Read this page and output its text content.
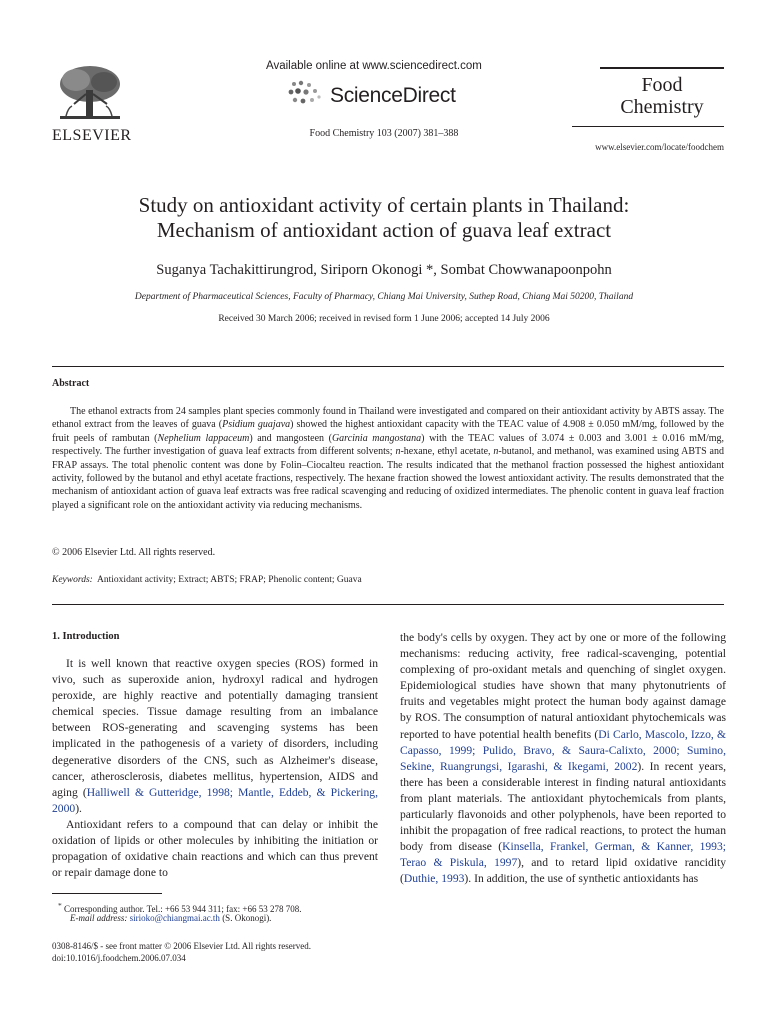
ELSEVIER
Available online at www.sciencedirect.com
ScienceDirect
Food Chemistry 103 (2007) 381–388
Food
Chemistry
www.elsevier.com/locate/foodchem
Study on antioxidant activity of certain plants in Thailand:
Mechanism of antioxidant action of guava leaf extract
Suganya Tachakittirungrod, Siriporn Okonogi *, Sombat Chowwanapoonpohn
Department of Pharmaceutical Sciences, Faculty of Pharmacy, Chiang Mai University, Suthep Road, Chiang Mai 50200, Thailand
Received 30 March 2006; received in revised form 1 June 2006; accepted 14 July 2006
Abstract
The ethanol extracts from 24 samples plant species commonly found in Thailand were investigated and compared on their antioxidant activity by ABTS assay. The ethanol extract from the leaves of guava (Psidium guajava) showed the highest antioxidant capacity with the TEAC value of 4.908 ± 0.050 mM/mg, followed by the fruit peels of rambutan (Nephelium lappaceum) and mangosteen (Garcinia mangostana) with the TEAC values of 3.074 ± 0.003 and 3.001 ± 0.016 mM/mg, respectively. The further investigation of guava leaf extracts from different solvents; n-hexane, ethyl acetate, n-butanol, and methanol, was examined using ABTS and FRAP assays. The total phenolic content was done by Folin–Ciocalteu reaction. The results indicated that the methanol fraction possessed the highest antioxidant activity, followed by the butanol and ethyl acetate fractions, respectively. The hexane fraction showed the lowest antioxidant activity. The results demonstrated that the mechanism of antioxidant action of guava leaf extracts was free radical scavenging and reducing of oxidized intermediates. The phenolic content in guava leaf fraction played a significant role on the antioxidant activity via reducing mechanisms.
© 2006 Elsevier Ltd. All rights reserved.
Keywords:  Antioxidant activity; Extract; ABTS; FRAP; Phenolic content; Guava
1. Introduction

It is well known that reactive oxygen species (ROS) formed in vivo, such as superoxide anion, hydroxyl radical and hydrogen peroxide, are highly reactive and potentially damaging transient chemical species. Tissue damage resulting from an imbalance between ROS-generating and scavenging systems has been implicated in the pathogenesis of a variety of disorders, including degenerative disorders of the CNS, such as Alzheimer's disease, cancer, atherosclerosis, diabetes mellitus, hypertension, AIDS and aging (Halliwell & Gutteridge, 1998; Mantle, Eddeb, & Pickering, 2000).

Antioxidant refers to a compound that can delay or inhibit the oxidation of lipids or other molecules by inhibiting the initiation or propagation of oxidative chain reactions and which can thus prevent or repair damage done to

the body's cells by oxygen. They act by one or more of the following mechanisms: reducing activity, free radical-scavenging, potential complexing of pro-oxidant metals and quenching of singlet oxygen. Epidemiological studies have shown that many phytonutrients of fruits and vegetables might protect the human body against damage by ROS. The consumption of natural antioxidant phytochemicals was reported to have potential health benefits (Di Carlo, Mascolo, Izzo, & Capasso, 1999; Pulido, Bravo, & Saura-Calixto, 2000; Sumino, Sekine, Ruangrungsi, Igarashi, & Ikegami, 2002). In recent years, there has been a considerable interest in finding natural antioxidants from plant materials. The antioxidant phytochemicals from plants, particularly flavonoids and other polyphenols, have been reported to inhibit the propagation of free radical reactions, to protect the human body from disease (Kinsella, Frankel, German, & Kanner, 1993; Terao & Piskula, 1997), and to retard lipid oxidative rancidity (Duthie, 1993). In addition, the use of synthetic antioxidants has

* Corresponding author. Tel.: +66 53 944 311; fax: +66 53 278 708.
E-mail address: sirioko@chiangmai.ac.th (S. Okonogi).
0308-8146/$ - see front matter © 2006 Elsevier Ltd. All rights reserved.
doi:10.1016/j.foodchem.2006.07.034
